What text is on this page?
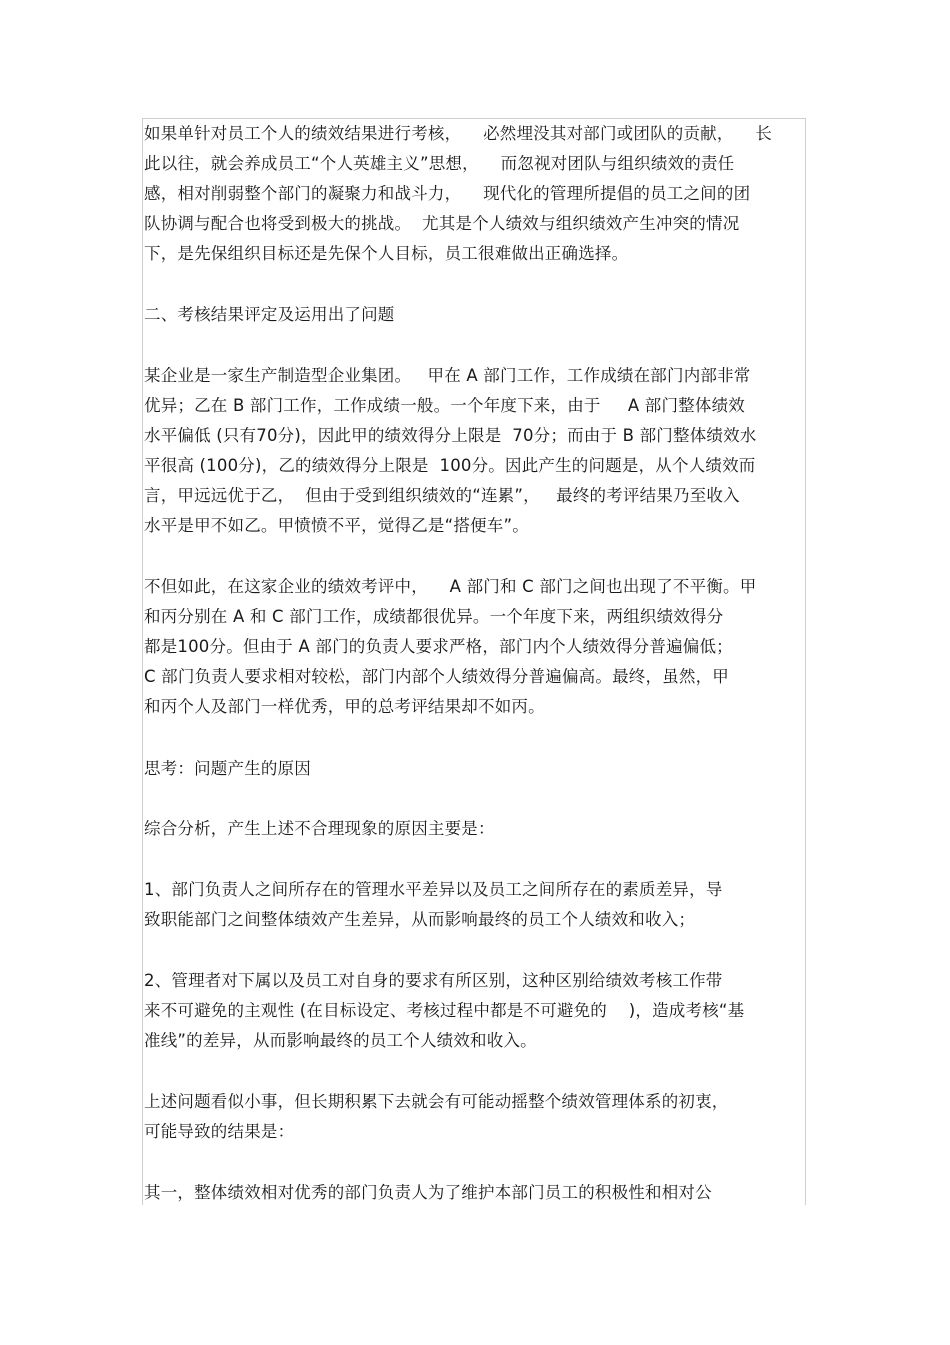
如果单针对员工个人的绩效结果进行考核，    必然埋没其对部门或团队的贡献，    长
此以往，就会养成员工“个人英雄主义”思想，    而忽视对团队与组织绩效的责任
感，相对削弱整个部门的凝聚力和战斗力，    现代化的管理所提倡的员工之间的团
队协调与配合也将受到极大的挑战。  尤其是个人绩效与组织绩效产生冲突的情况
下，是先保组织目标还是先保个人目标，员工很难做出正确选择。
二、考核结果评定及运用出了问题
某企业是一家生产制造型企业集团。   甲在 A 部门工作，工作成绩在部门内部非常
优异；乙在 B 部门工作，工作成绩一般。一个年度下来，由于     A 部门整体绩效
水平偏低 (只有70分)，因此甲的绩效得分上限是  70分；而由于 B 部门整体绩效水
平很高 (100分)，乙的绩效得分上限是  100分。因此产生的问题是，从个人绩效而
言，甲远远优于乙，  但由于受到组织绩效的“连累”，   最终的考评结果乃至收入
水平是甲不如乙。甲愤愤不平，觉得乙是“搭便车”。
不但如此，在这家企业的绩效考评中，    A 部门和 C 部门之间也出现了不平衡。甲
和丙分别在 A 和 C 部门工作，成绩都很优异。一个年度下来，两组织绩效得分
都是100分。但由于 A 部门的负责人要求严格，部门内个人绩效得分普遍偏低；
C 部门负责人要求相对较松，部门内部个人绩效得分普遍偏高。最终，虽然，甲
和丙个人及部门一样优秀，甲的总考评结果却不如丙。
思考：问题产生的原因
综合分析，产生上述不合理现象的原因主要是：
1、部门负责人之间所存在的管理水平差异以及员工之间所存在的素质差异，导
致职能部门之间整体绩效产生差异，从而影响最终的员工个人绩效和收入；
2、管理者对下属以及员工对自身的要求有所区别，这种区别给绩效考核工作带
来不可避免的主观性 (在目标设定、考核过程中都是不可避免的    )，造成考核“基
准线”的差异，从而影响最终的员工个人绩效和收入。
上述问题看似小事，但长期积累下去就会有可能动摇整个绩效管理体系的初衷，
可能导致的结果是：
其一，整体绩效相对优秀的部门负责人为了维护本部门员工的积极性和相对公
